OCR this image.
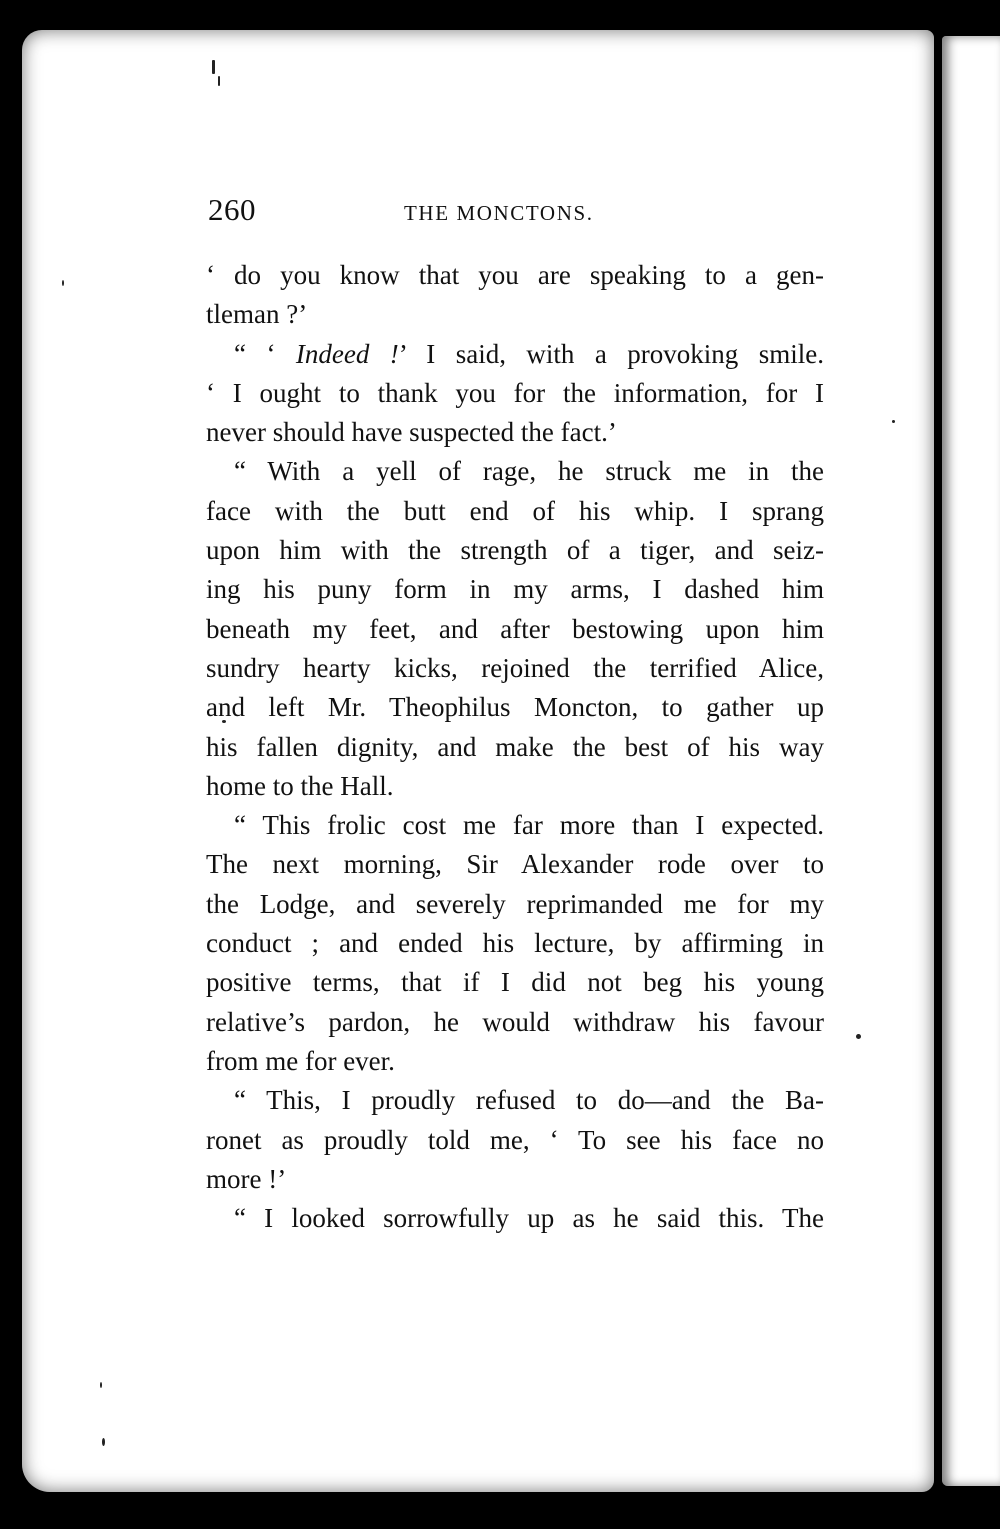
260	THE MONCTONS.

‘ do you know that you are speaking to a gen-
tleman ?’

“ ‘ Indeed !’ I said, with a provoking smile.
‘ I ought to thank you for the information, for I
never should have suspected the fact.’

“ With a yell of rage, he struck me in the
face with the butt end of his whip. I sprang
upon him with the strength of a tiger, and seiz-
ing his puny form in my arms, I dashed him
beneath my feet, and after bestowing upon him
sundry hearty kicks, rejoined the terrified Alice,
and left Mr. Theophilus Moncton, to gather up
his fallen dignity, and make the best of his way
home to the Hall.

“ This frolic cost me far more than I expected.
The next morning, Sir Alexander rode over to
the Lodge, and severely reprimanded me for my
conduct ; and ended his lecture, by affirming in
positive terms, that if I did not beg his young
relative’s pardon, he would withdraw his favour
from me for ever.

“ This, I proudly refused to do—and the Ba-
ronet as proudly told me, ‘ To see his face no
more !’

“ I looked sorrowfully up as he said this. The
